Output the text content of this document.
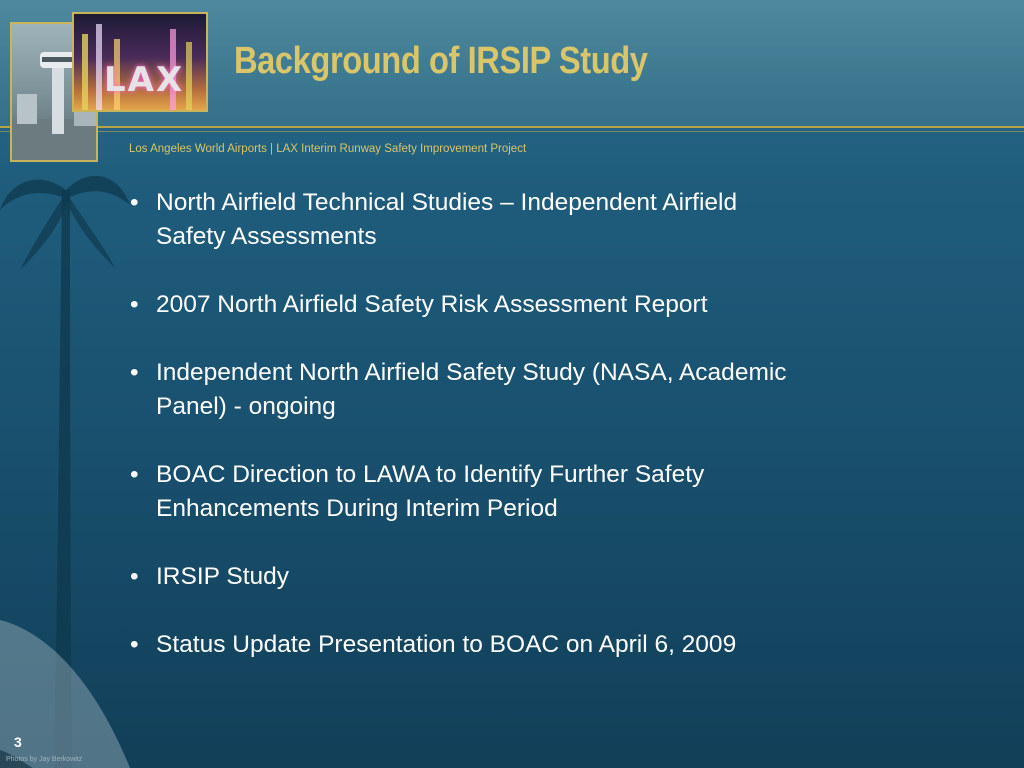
LAX Background of IRSIP Study
Los Angeles World Airports | LAX Interim Runway Safety Improvement Project
• North Airfield Technical Studies – Independent Airfield
Safety Assessments
• 2007 North Airfield Safety Risk Assessment Report
• Independent North Airfield Safety Study (NASA, Academic
Panel) - ongoing
• BOAC Direction to LAWA to Identify Further Safety
Enhancements During Interim Period
• IRSIP Study
• Status Update Presentation to BOAC on April 6, 2009
3
Photos by Jay Berkowitz
